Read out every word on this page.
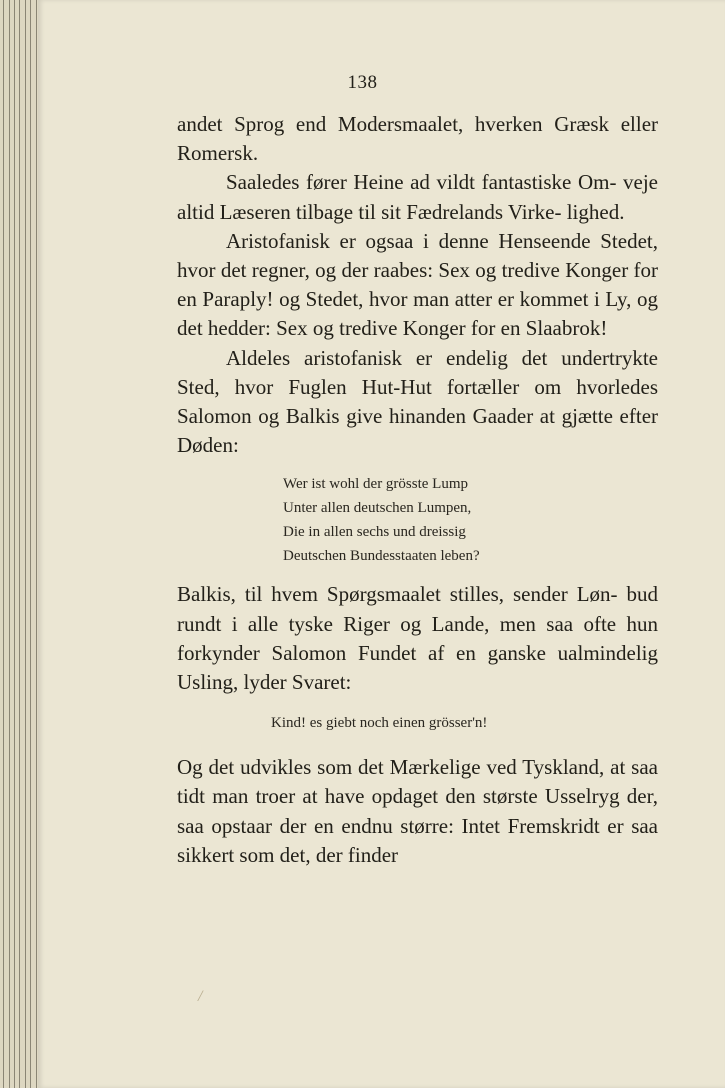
138

andet Sprog end Modersmaalet, hverken Græsk eller Romersk.

Saaledes fører Heine ad vildt fantastiske Om- veje altid Læseren tilbage til sit Fædrelands Virke- lighed.

Aristofanisk er ogsaa i denne Henseende Stedet, hvor det regner, og der raabes: Sex og tredive Konger for en Paraply! og Stedet, hvor man atter er kommet i Ly, og det hedder: Sex og tredive Konger for en Slaabrok!

Aldeles aristofanisk er endelig det undertrykte Sted, hvor Fuglen Hut-Hut fortæller om hvorledes Salomon og Balkis give hinanden Gaader at gjætte efter Døden:

Wer ist wohl der grösste Lump
Unter allen deutschen Lumpen,
Die in allen sechs und dreissig
Deutschen Bundesstaaten leben?

Balkis, til hvem Spørgsmaalet stilles, sender Løn- bud rundt i alle tyske Riger og Lande, men saa ofte hun forkynder Salomon Fundet af en ganske ualmindelig Usling, lyder Svaret:

Kind! es giebt noch einen grösser'n!

Og det udvikles som det Mærkelige ved Tyskland, at saa tidt man troer at have opdaget den største Usselryg der, saa opstaar der en endnu større: Intet Fremskridt er saa sikkert som det, der finder

/
